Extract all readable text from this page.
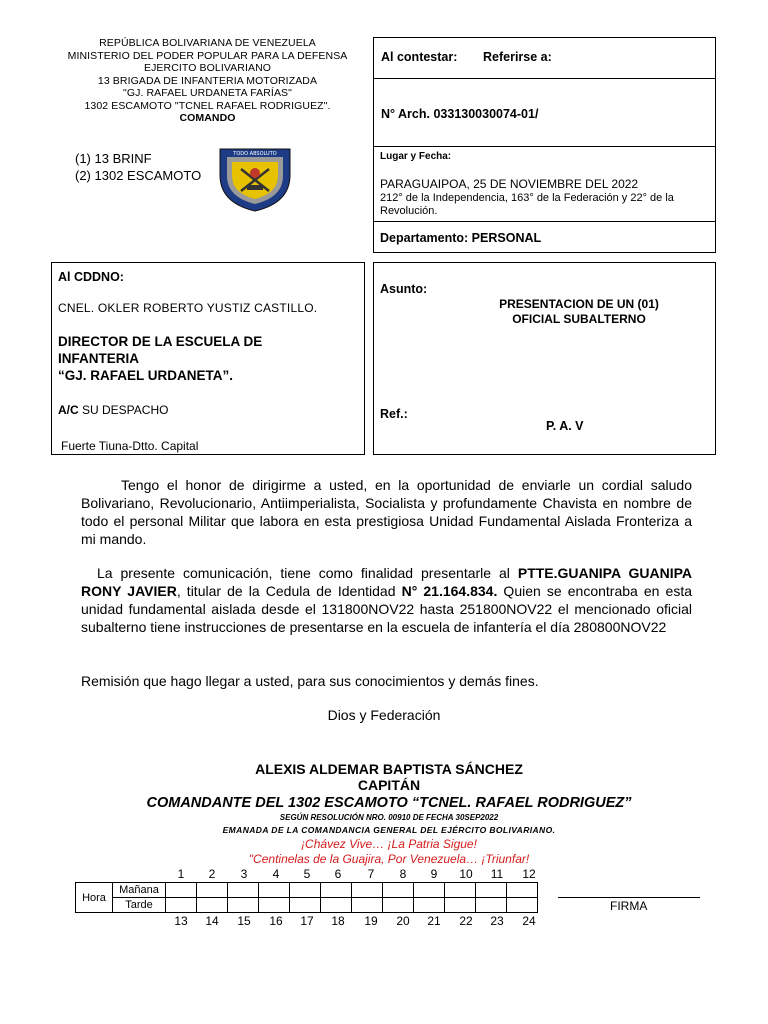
REPÚBLICA BOLIVARIANA DE VENEZUELA
MINISTERIO DEL PODER POPULAR PARA LA DEFENSA
EJERCITO BOLIVARIANO
13 BRIGADA DE INFANTERIA MOTORIZADA
"GJ. RAFAEL URDANETA FARÍAS"
1302 ESCAMOTO "TCNEL RAFAEL RODRIGUEZ".
COMANDO
(1) 13 BRINF
(2) 1302 ESCAMOTO
TODO ABSOLUTO
Al contestar: Referirse a:
N° Arch. 033130030074-01/
Lugar y Fecha:
PARAGUAIPOA, 25 DE NOVIEMBRE DEL 2022
212° de la Independencia, 163° de la Federación y 22° de la Revolución.
Departamento: PERSONAL
Al CDDNO:
CNEL. OKLER ROBERTO YUSTIZ CASTILLO.
DIRECTOR DE LA ESCUELA DE
INFANTERIA
“GJ. RAFAEL URDANETA”.
A/C SU DESPACHO
Fuerte Tiuna-Dtto. Capital
Asunto:
PRESENTACION DE UN (01)
OFICIAL SUBALTERNO
Ref.:
P. A. V
Tengo el honor de dirigirme a usted, en la oportunidad de enviarle un cordial saludo Bolivariano, Revolucionario, Antiimperialista, Socialista y profundamente Chavista en nombre de todo el personal Militar que labora en esta prestigiosa Unidad Fundamental Aislada Fronteriza a mi mando.
La presente comunicación, tiene como finalidad presentarle al PTTE.GUANIPA GUANIPA RONY JAVIER, titular de la Cedula de Identidad N° 21.164.834. Quien se encontraba en esta unidad fundamental aislada desde el 131800NOV22 hasta 251800NOV22 el mencionado oficial subalterno tiene instrucciones de presentarse en la escuela de infantería el día 280800NOV22
Remisión que hago llegar a usted, para sus conocimientos y demás fines.
Dios y Federación
ALEXIS ALDEMAR BAPTISTA SÁNCHEZ
CAPITÁN
COMANDANTE DEL 1302 ESCAMOTO “TCNEL. RAFAEL RODRIGUEZ”
SEGÚN RESOLUCIÓN NRO. 00910 DE FECHA 30SEP2022
EMANADA DE LA COMANDANCIA GENERAL DEL EJÉRCITO BOLIVARIANO.
¡Chávez Vive… ¡La Patria Sigue!
"Centinelas de la Guajira, Por Venezuela… ¡Triunfar!
1	2	3	4	5	6	7	8	9	10	11	12
Hora	Mañana												
	Tarde												
13 14 15 16 17 18 19 20 21 22 23 24
FIRMA
